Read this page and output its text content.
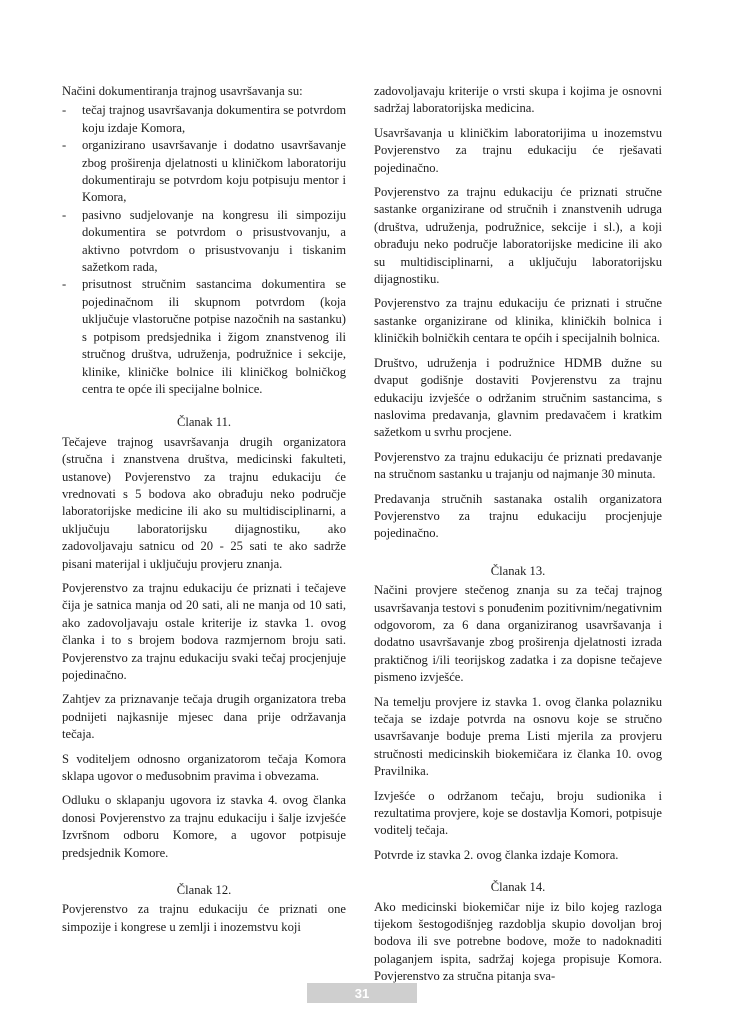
Načini dokumentiranja trajnog usavršavanja su:

- tečaj trajnog usavršavanja dokumentira se potvrdom koju izdaje Komora,
- organizirano usavršavanje i dodatno usavršavanje zbog proširenja djelatnosti u kliničkom laboratoriju dokumentiraju se potvrdom koju potpisuju mentor i Komora,
- pasivno sudjelovanje na kongresu ili simpoziju dokumentira se potvrdom o prisustvovanju, a aktivno potvrdom o prisustvovanju i tiskanim sažetkom rada,
- prisutnost stručnim sastancima dokumentira se pojedinačnom ili skupnom potvrdom (koja uključuje vlastoručne potpise nazočnih na sastanku) s potpisom predsjednika i žigom znanstvenog ili stručnog društva, udruženja, podružnice i sekcije, klinike, kliničke bolnice ili kliničkog bolničkog centra te opće ili specijalne bolnice.

Članak 11.

Tečajeve trajnog usavršavanja drugih organizatora (stručna i znanstvena društva, medicinski fakulteti, ustanove) Povjerenstvo za trajnu edukaciju će vrednovati s 5 bodova ako obrađuju neko područje laboratorijske medicine ili ako su multidisciplinarni, a uključuju laboratorijsku dijagnostiku, ako zadovoljavaju satnicu od 20 - 25 sati te ako sadrže pisani materijal i uključuju provjeru znanja.

Povjerenstvo za trajnu edukaciju će priznati i tečajeve čija je satnica manja od 20 sati, ali ne manja od 10 sati, ako zadovoljavaju ostale kriterije iz stavka 1. ovog članka i to s brojem bodova razmjernom broju sati. Povjerenstvo za trajnu edukaciju svaki tečaj procjenjuje pojedinačno.

Zahtjev za priznavanje tečaja drugih organizatora treba podnijeti najkasnije mjesec dana prije održavanja tečaja.

S voditeljem odnosno organizatorom tečaja Komora sklapa ugovor o međusobnim pravima i obvezama.

Odluku o sklapanju ugovora iz stavka 4. ovog članka donosi Povjerenstvo za trajnu edukaciju i šalje izvješće Izvršnom odboru Komore, a ugovor potpisuje predsjednik Komore.

Članak 12.

Povjerenstvo za trajnu edukaciju će priznati one simpozije i kongrese u zemlji i inozemstvu koji

zadovoljavaju kriterije o vrsti skupa i kojima je osnovni sadržaj laboratorijska medicina.

Usavršavanja u kliničkim laboratorijima u inozemstvu Povjerenstvo za trajnu edukaciju će rješavati pojedinačno.

Povjerenstvo za trajnu edukaciju će priznati stručne sastanke organizirane od stručnih i znanstvenih udruga (društva, udruženja, podružnice, sekcije i sl.), a koji obrađuju neko područje laboratorijske medicine ili ako su multidisciplinarni, a uključuju laboratorijsku dijagnostiku.

Povjerenstvo za trajnu edukaciju će priznati i stručne sastanke organizirane od klinika, kliničkih bolnica i kliničkih bolničkih centara te općih i specijalnih bolnica.

Društvo, udruženja i podružnice HDMB dužne su dvaput godišnje dostaviti Povjerenstvu za trajnu edukaciju izvješće o održanim stručnim sastancima, s naslovima predavanja, glavnim predavačem i kratkim sažetkom u svrhu procjene.

Povjerenstvo za trajnu edukaciju će priznati predavanje na stručnom sastanku u trajanju od najmanje 30 minuta.

Predavanja stručnih sastanaka ostalih organizatora Povjerenstvo za trajnu edukaciju procjenjuje pojedinačno.

Članak 13.

Načini provjere stečenog znanja su za tečaj trajnog usavršavanja testovi s ponuđenim pozitivnim/negativnim odgovorom, za 6 dana organiziranog usavršavanja i dodatno usavršavanje zbog proširenja djelatnosti izrada praktičnog i/ili teorijskog zadatka i za dopisne tečajeve pismeno izvješće.

Na temelju provjere iz stavka 1. ovog članka polazniku tečaja se izdaje potvrda na osnovu koje se stručno usavršavanje boduje prema Listi mjerila za provjeru stručnosti medicinskih biokemičara iz članka 10. ovog Pravilnika.

Izvješće o održanom tečaju, broju sudionika i rezultatima provjere, koje se dostavlja Komori, potpisuje voditelj tečaja.

Potvrde iz stavka 2. ovog članka izdaje Komora.

Članak 14.

Ako medicinski biokemičar nije iz bilo kojeg razloga tijekom šestogodišnjeg razdoblja skupio dovoljan broj bodova ili sve potrebne bodove, može to nadoknaditi polaganjem ispita, sadržaj kojega propisuje Komora. Povjerenstvo za stručna pitanja sva-

31
